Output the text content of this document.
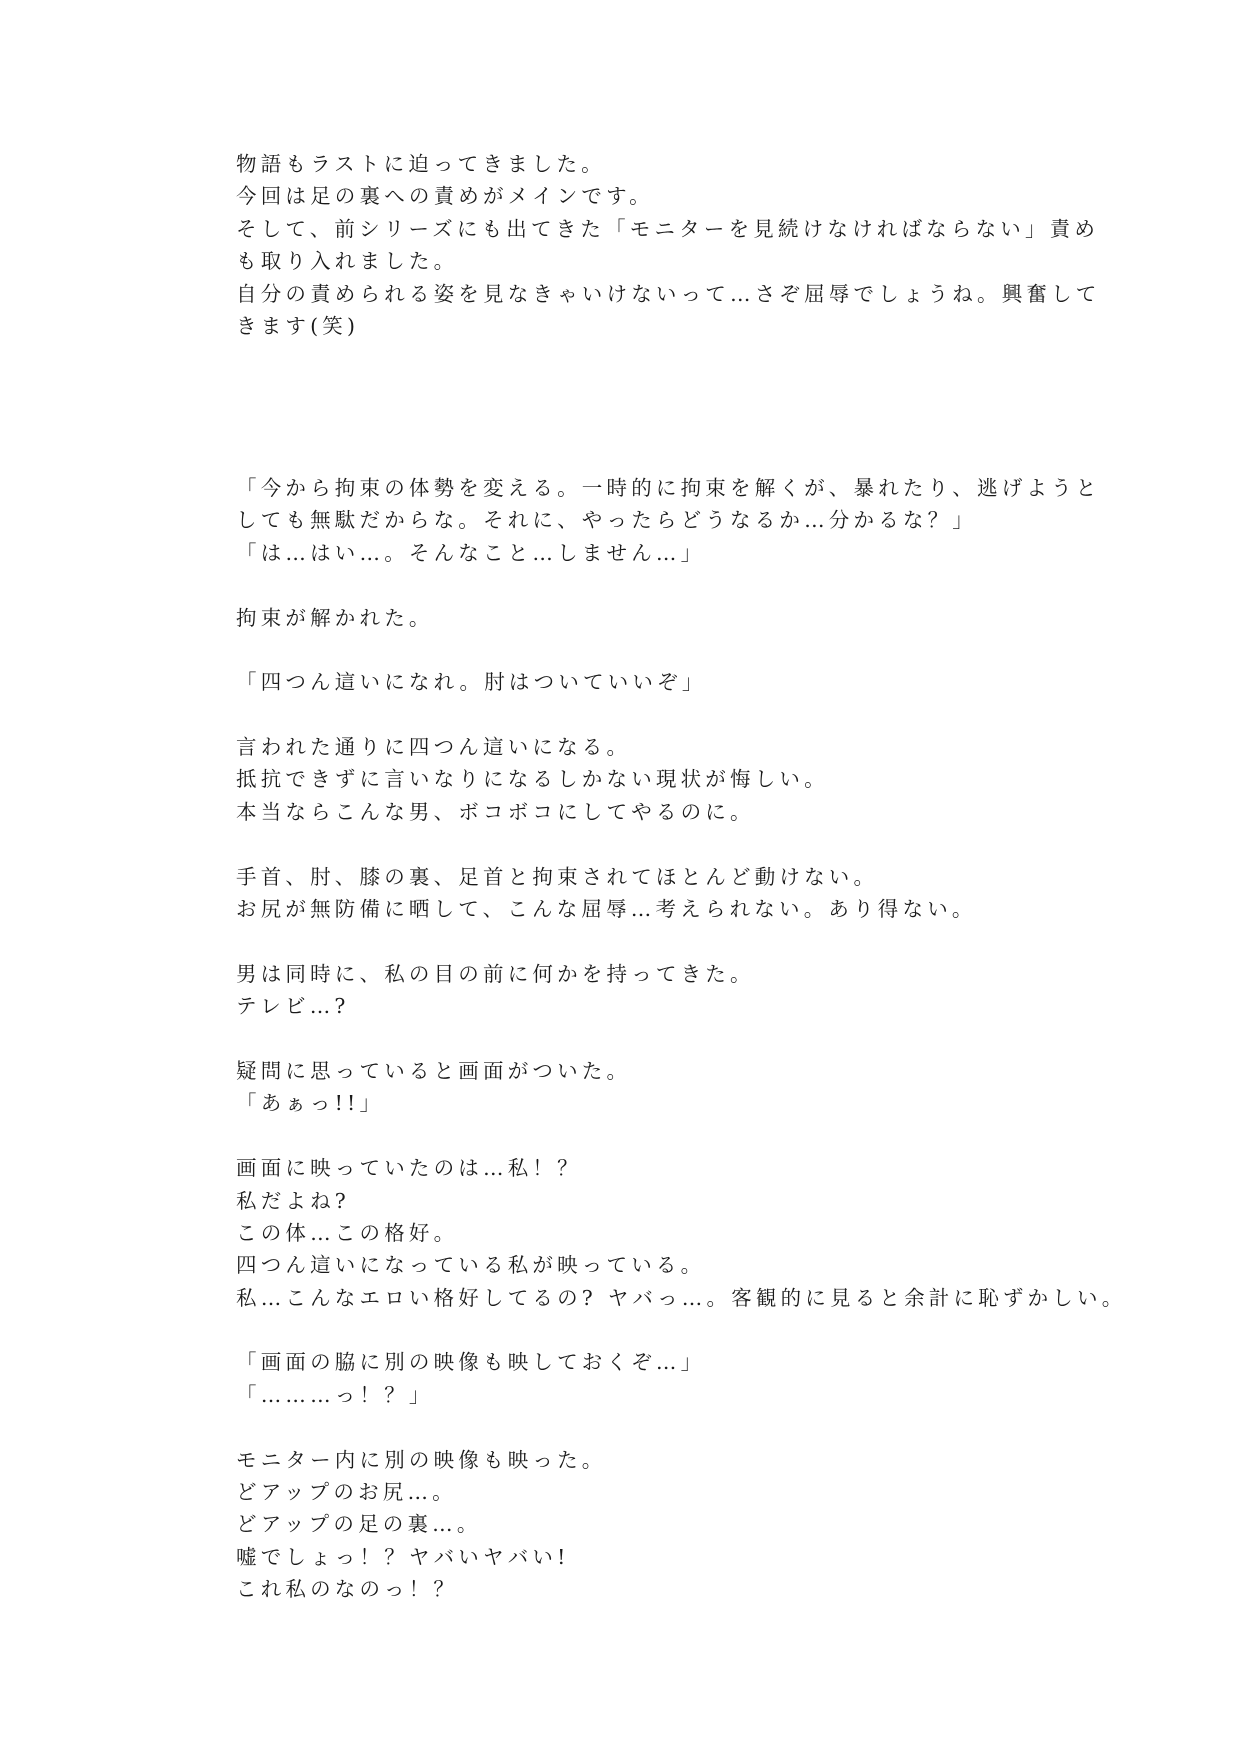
物語もラストに迫ってきました。
今回は足の裏への責めがメインです。
そして、前シリーズにも出てきた「モニターを見続けなければならない」責め
も取り入れました。
自分の責められる姿を見なきゃいけないって…さぞ屈辱でしょうね。興奮して
きます(笑)
「今から拘束の体勢を変える。一時的に拘束を解くが、暴れたり、逃げようと
しても無駄だからな。それに、やったらどうなるか…分かるな？」
「は…はい…。そんなこと…しません…」
拘束が解かれた。
「四つん這いになれ。肘はついていいぞ」
言われた通りに四つん這いになる。
抵抗できずに言いなりになるしかない現状が悔しい。
本当ならこんな男、ボコボコにしてやるのに。
手首、肘、膝の裏、足首と拘束されてほとんど動けない。
お尻が無防備に晒して、こんな屈辱…考えられない。あり得ない。
男は同時に、私の目の前に何かを持ってきた。
テレビ…?
疑問に思っていると画面がついた。
「あぁっ!!」
画面に映っていたのは…私！？
私だよね?
この体…この格好。
四つん這いになっている私が映っている。
私…こんなエロい格好してるの? ヤバっ…。客観的に見ると余計に恥ずかしい。
「画面の脇に別の映像も映しておくぞ…」
「………っ！？」
モニター内に別の映像も映った。
どアップのお尻…。
どアップの足の裏…。
嘘でしょっ！？ヤバいヤバい!
これ私のなのっ！？
